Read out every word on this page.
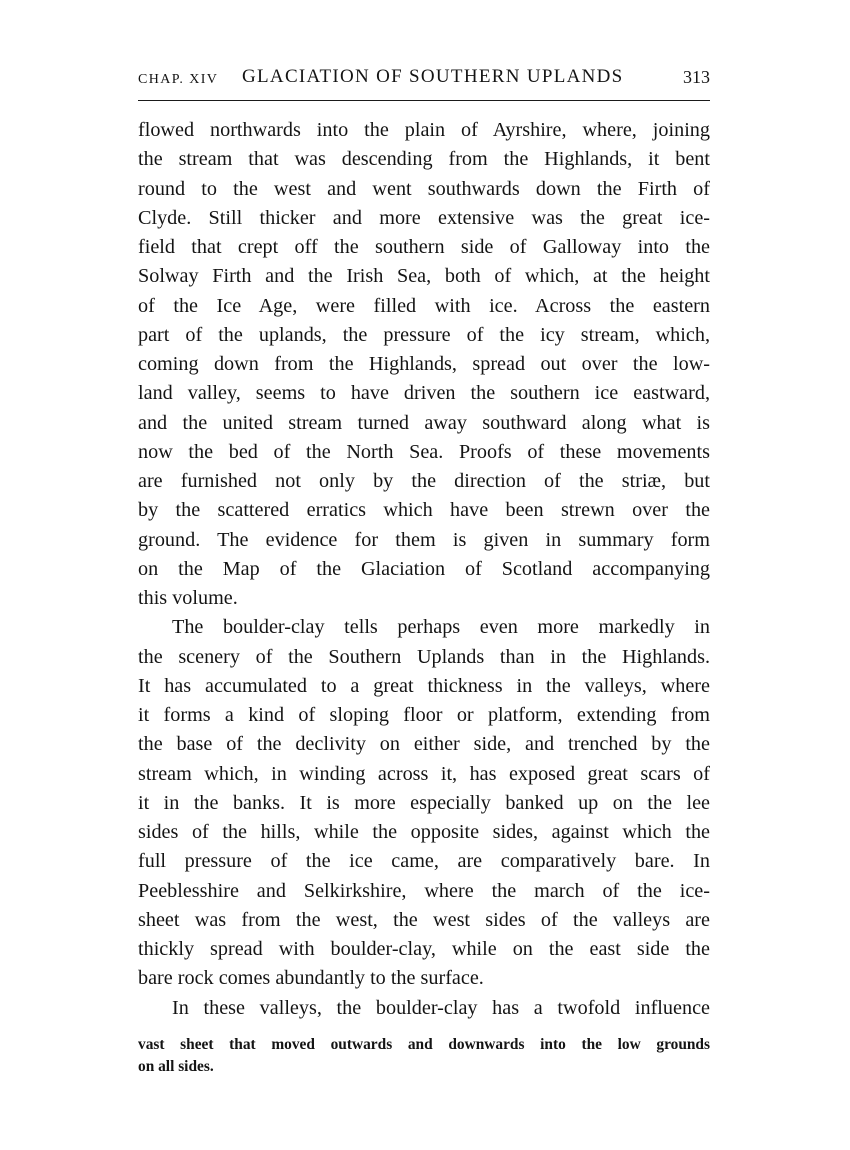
CHAP. XIV GLACIATION OF SOUTHERN UPLANDS	313
flowed northwards into the plain of Ayrshire, where, joining
the stream that was descending from the Highlands, it bent
round to the west and went southwards down the Firth of
Clyde. Still thicker and more extensive was the great ice-
field that crept off the southern side of Galloway into the
Solway Firth and the Irish Sea, both of which, at the height
of the Ice Age, were filled with ice. Across the eastern
part of the uplands, the pressure of the icy stream, which,
coming down from the Highlands, spread out over the low-
land valley, seems to have driven the southern ice eastward,
and the united stream turned away southward along what is
now the bed of the North Sea. Proofs of these movements
are furnished not only by the direction of the striæ, but
by the scattered erratics which have been strewn over the
ground. The evidence for them is given in summary form
on the Map of the Glaciation of Scotland accompanying
this volume.
The boulder-clay tells perhaps even more markedly in
the scenery of the Southern Uplands than in the Highlands.
It has accumulated to a great thickness in the valleys, where
it forms a kind of sloping floor or platform, extending from
the base of the declivity on either side, and trenched by the
stream which, in winding across it, has exposed great scars of
it in the banks. It is more especially banked up on the lee
sides of the hills, while the opposite sides, against which the
full pressure of the ice came, are comparatively bare. In
Peeblesshire and Selkirkshire, where the march of the ice-
sheet was from the west, the west sides of the valleys are
thickly spread with boulder-clay, while on the east side the
bare rock comes abundantly to the surface.
In these valleys, the boulder-clay has a twofold influence
vast sheet that moved outwards and downwards into the low grounds
on all sides.
